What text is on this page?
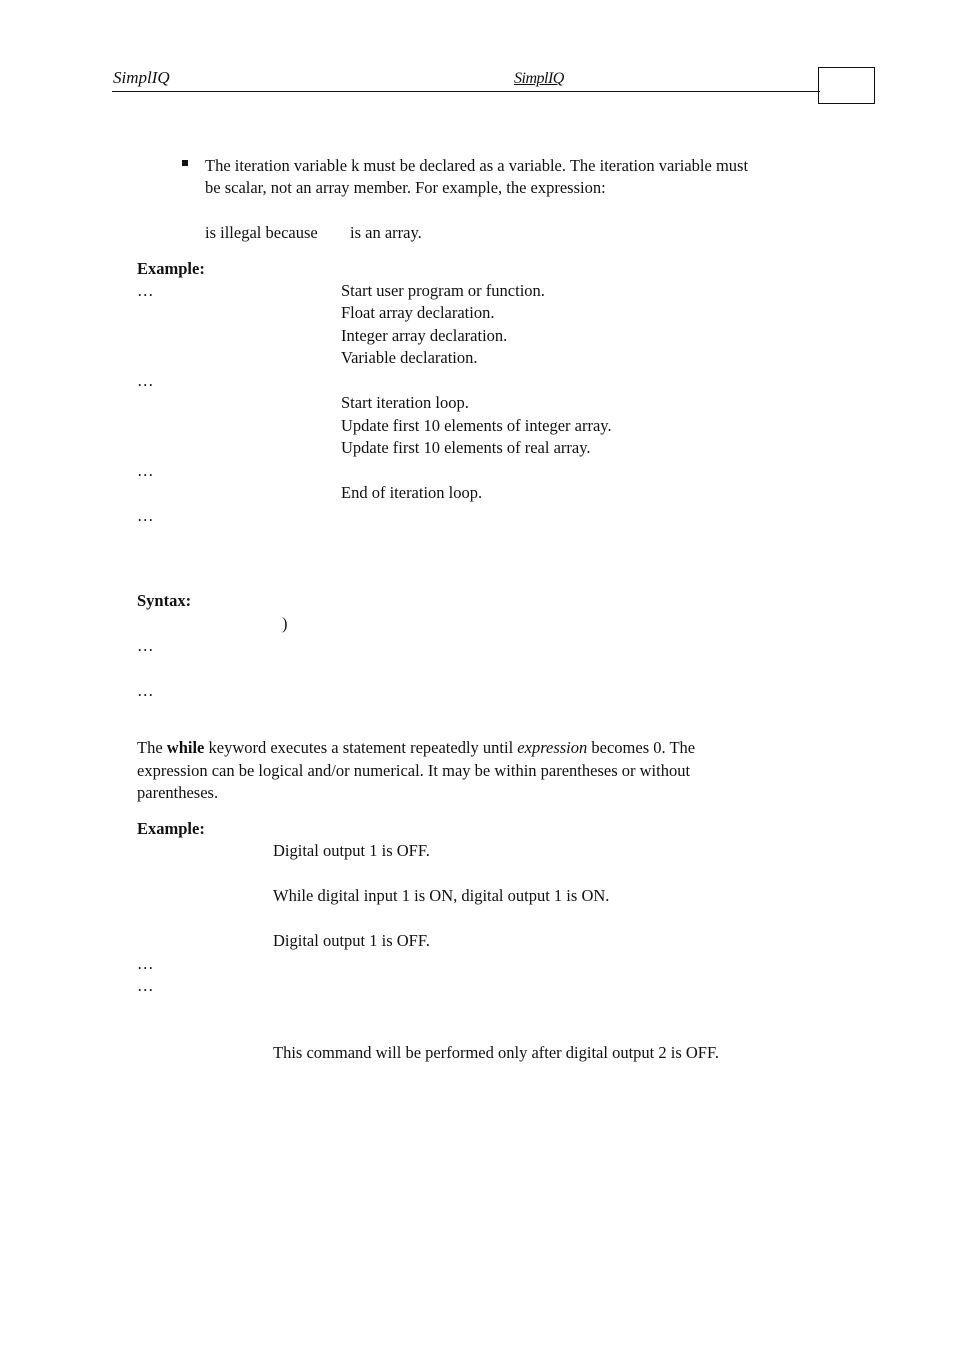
SimplIQ	SimplIQ
The iteration variable k must be declared as a variable. The iteration variable must
be scalar, not an array member. For example, the expression:
is illegal because is an array.
Example:
…	Start user program or function.
Float array declaration.
Integer array declaration.
Variable declaration.
…
Start iteration loop.
Update first 10 elements of integer array.
Update first 10 elements of real array.
…
End of iteration loop.
…
Syntax:
)
…
…
The while keyword executes a statement repeatedly until expression becomes 0. The
expression can be logical and/or numerical. It may be within parentheses or without
parentheses.
Example:
Digital output 1 is OFF.
While digital input 1 is ON, digital output 1 is ON.
Digital output 1 is OFF.
…
…
This command will be performed only after digital output 2 is OFF.
